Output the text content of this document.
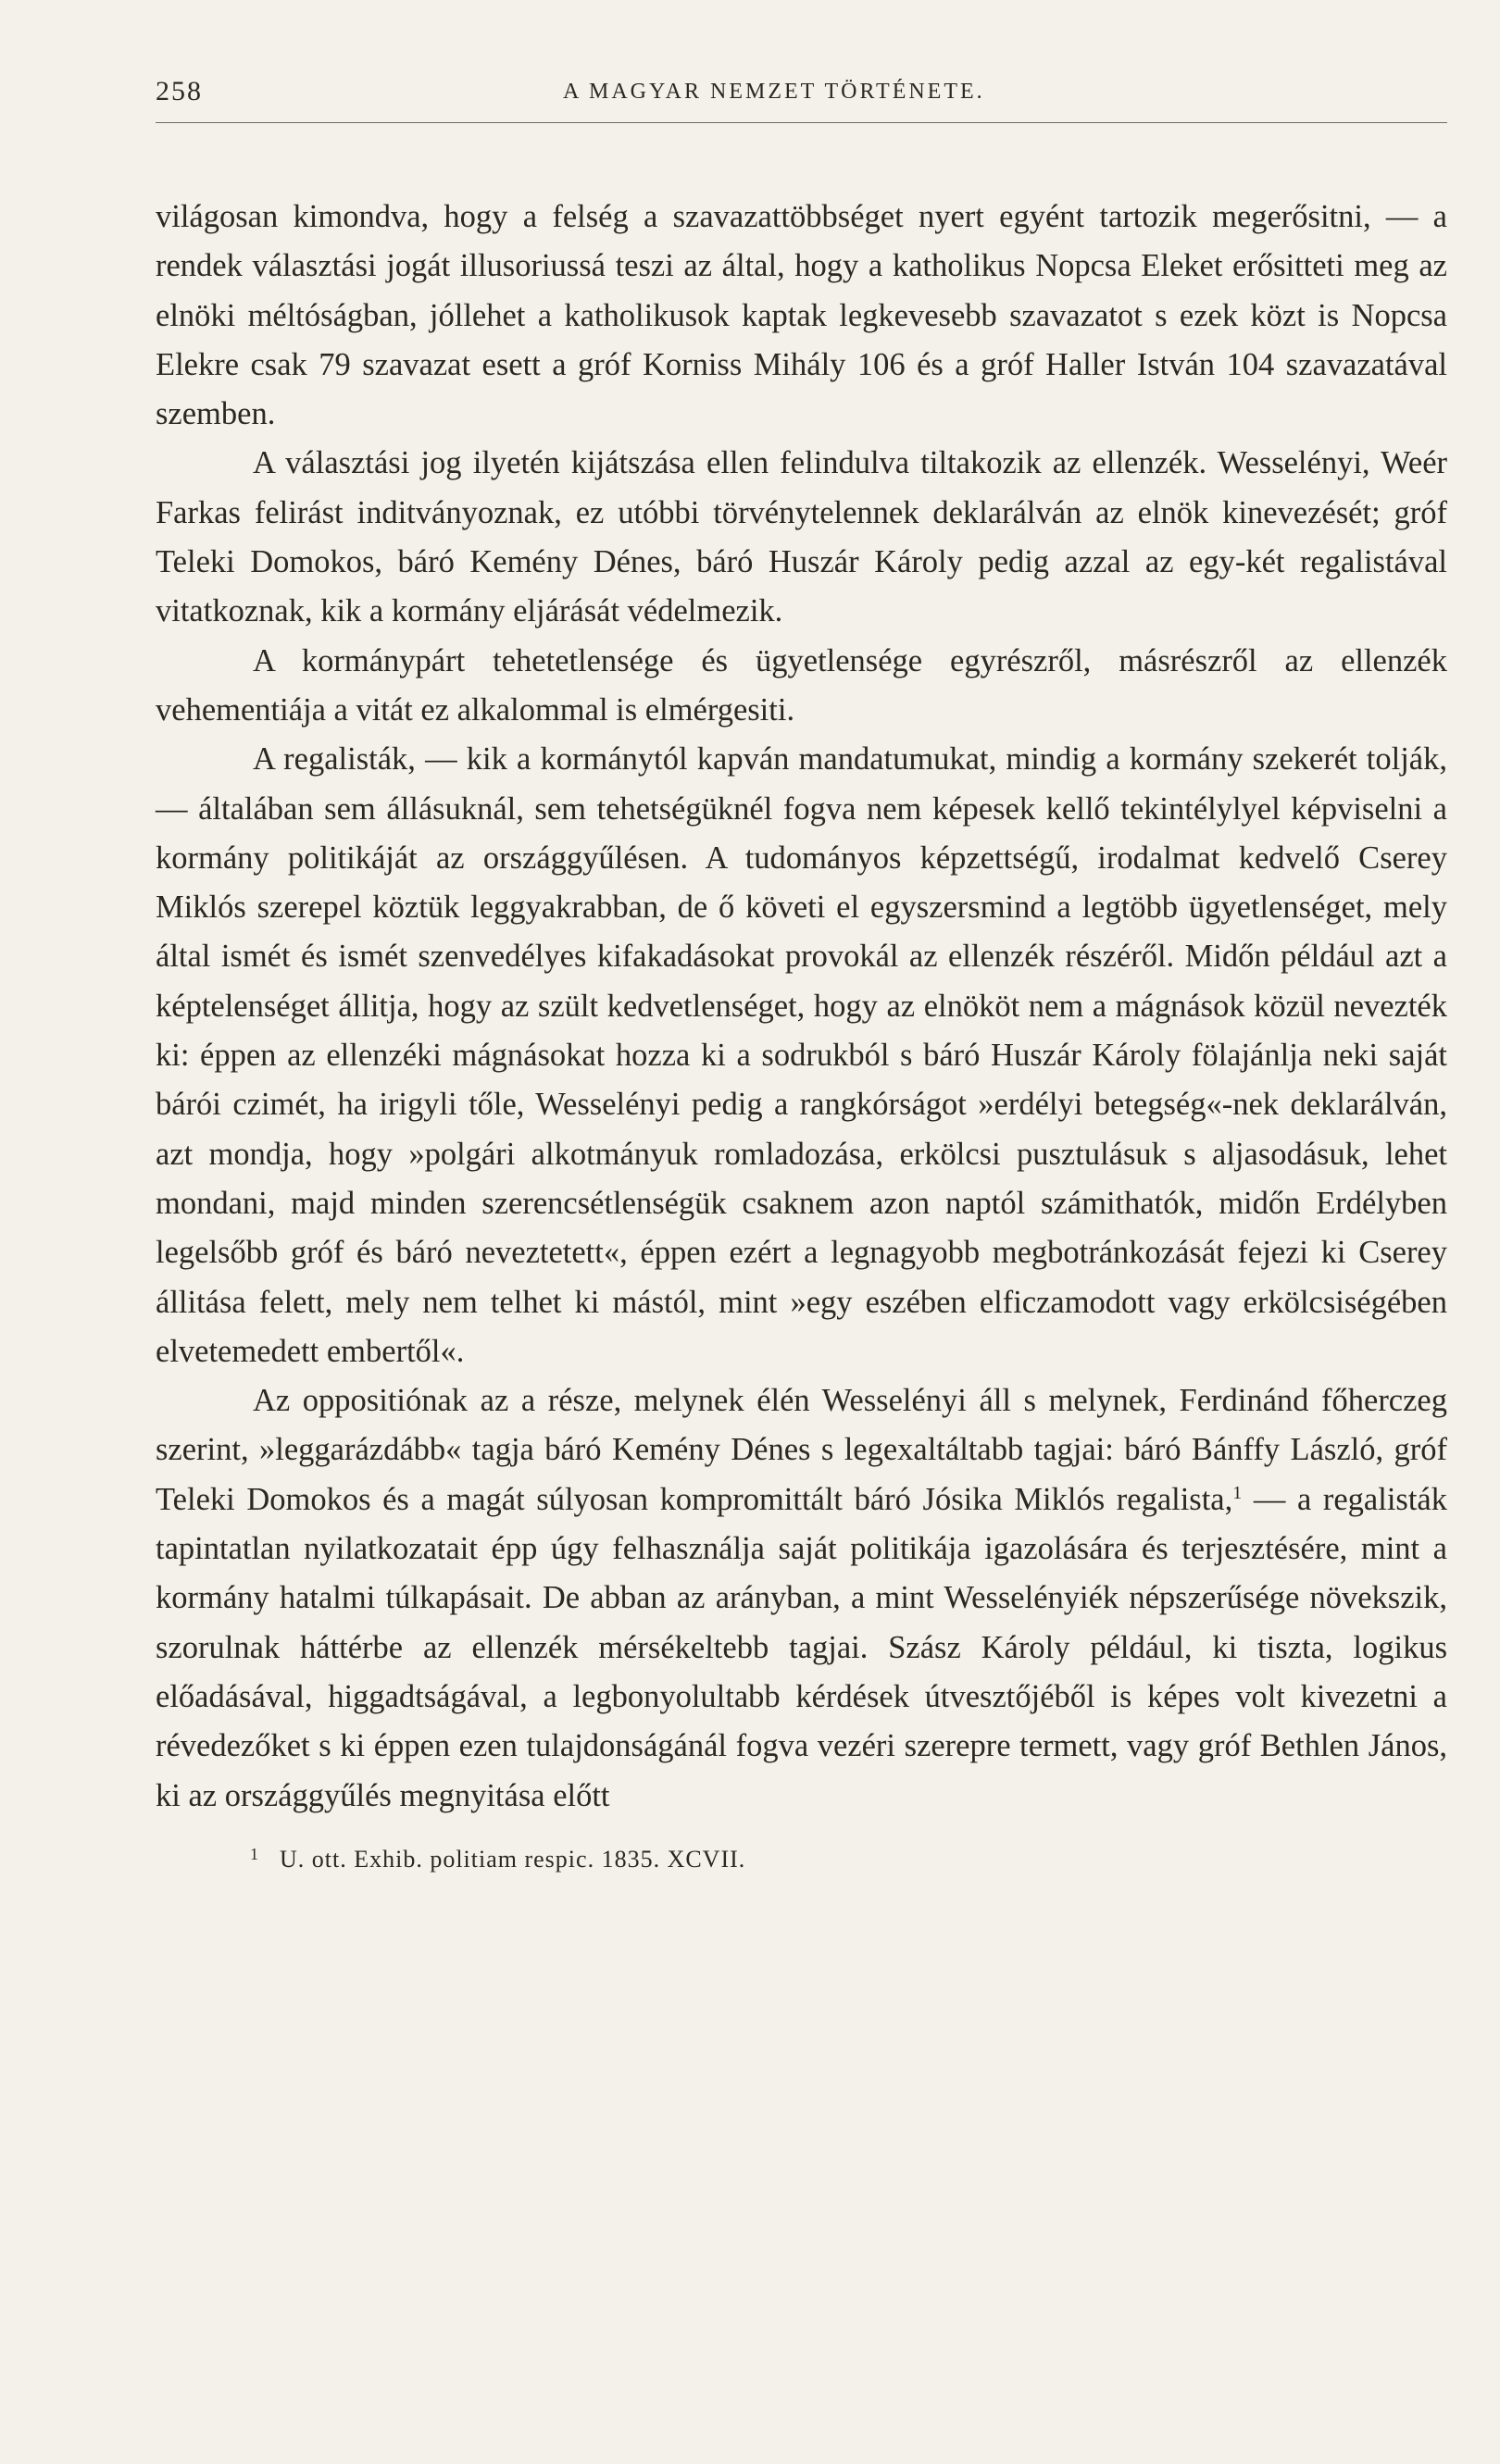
258	A MAGYAR NEMZET TÖRTÉNETE.

világosan kimondva, hogy a felség a szavazattöbbséget nyert egyént tartozik megerősitni, — a rendek választási jogát illusoriussá teszi az által, hogy a katholikus Nopcsa Eleket erősitteti meg az elnöki méltóságban, jóllehet a katholikusok kaptak legkevesebb szavazatot s ezek közt is Nopcsa Elekre csak 79 szavazat esett a gróf Korniss Mihály 106 és a gróf Haller István 104 szavazatával szemben.

A választási jog ilyetén kijátszása ellen felindulva tiltakozik az ellenzék. Wesselényi, Weér Farkas felirást inditványoznak, ez utóbbi törvénytelennek deklarálván az elnök kinevezését; gróf Teleki Domokos, báró Kemény Dénes, báró Huszár Károly pedig azzal az egy-két regalistával vitatkoznak, kik a kormány eljárását védelmezik.

A kormánypárt tehetetlensége és ügyetlensége egyrészről, másrészről az ellenzék vehementiája a vitát ez alkalommal is elmérgesiti.

A regalisták, — kik a kormánytól kapván mandatumukat, mindig a kormány szekerét tolják, — általában sem állásuknál, sem tehetségüknél fogva nem képesek kellő tekintélylyel képviselni a kormány politikáját az országgyűlésen. A tudományos képzettségű, irodalmat kedvelő Cserey Miklós szerepel köztük leggyakrabban, de ő követi el egyszersmind a legtöbb ügyetlenséget, mely által ismét és ismét szenvedélyes kifakadásokat provokál az ellenzék részéről. Midőn például azt a képtelenséget állitja, hogy az szült kedvetlenséget, hogy az elnököt nem a mágnások közül nevezték ki: éppen az ellenzéki mágnásokat hozza ki a sodrukból s báró Huszár Károly fölajánlja neki saját bárói czimét, ha irigyli tőle, Wesselényi pedig a rangkórságot »erdélyi betegség«-nek deklarálván, azt mondja, hogy »polgári alkotmányuk romladozása, erkölcsi pusztulásuk s aljasodásuk, lehet mondani, majd minden szerencsétlenségük csaknem azon naptól számithatók, midőn Erdélyben legelsőbb gróf és báró neveztetett«, éppen ezért a legnagyobb megbotránkozását fejezi ki Cserey állitása felett, mely nem telhet ki mástól, mint »egy eszében elficzamodott vagy erkölcsiségében elvetemedett embertől«.

Az oppositiónak az a része, melynek élén Wesselényi áll s melynek, Ferdinánd főherczeg szerint, »leggarázdább« tagja báró Kemény Dénes s legexaltáltabb tagjai: báró Bánffy László, gróf Teleki Domokos és a magát súlyosan kompromittált báró Jósika Miklós regalista,$^1$ — a regalisták tapintatlan nyilatkozatait épp úgy felhasználja saját politikája igazolására és terjesztésére, mint a kormány hatalmi túlkapásait. De abban az arányban, a mint Wesselényiék népszerűsége növekszik, szorulnak háttérbe az ellenzék mérsékeltebb tagjai. Szász Károly például, ki tiszta, logikus előadásával, higgadtságával, a legbonyolultabb kérdések útvesztőjéből is képes volt kivezetni a révedezőket s ki éppen ezen tulajdonságánál fogva vezéri szerepre termett, vagy gróf Bethlen János, ki az országgyűlés megnyitása előtt

$^1$ U. ott. Exhib. politiam respic. 1835. XCVII.
